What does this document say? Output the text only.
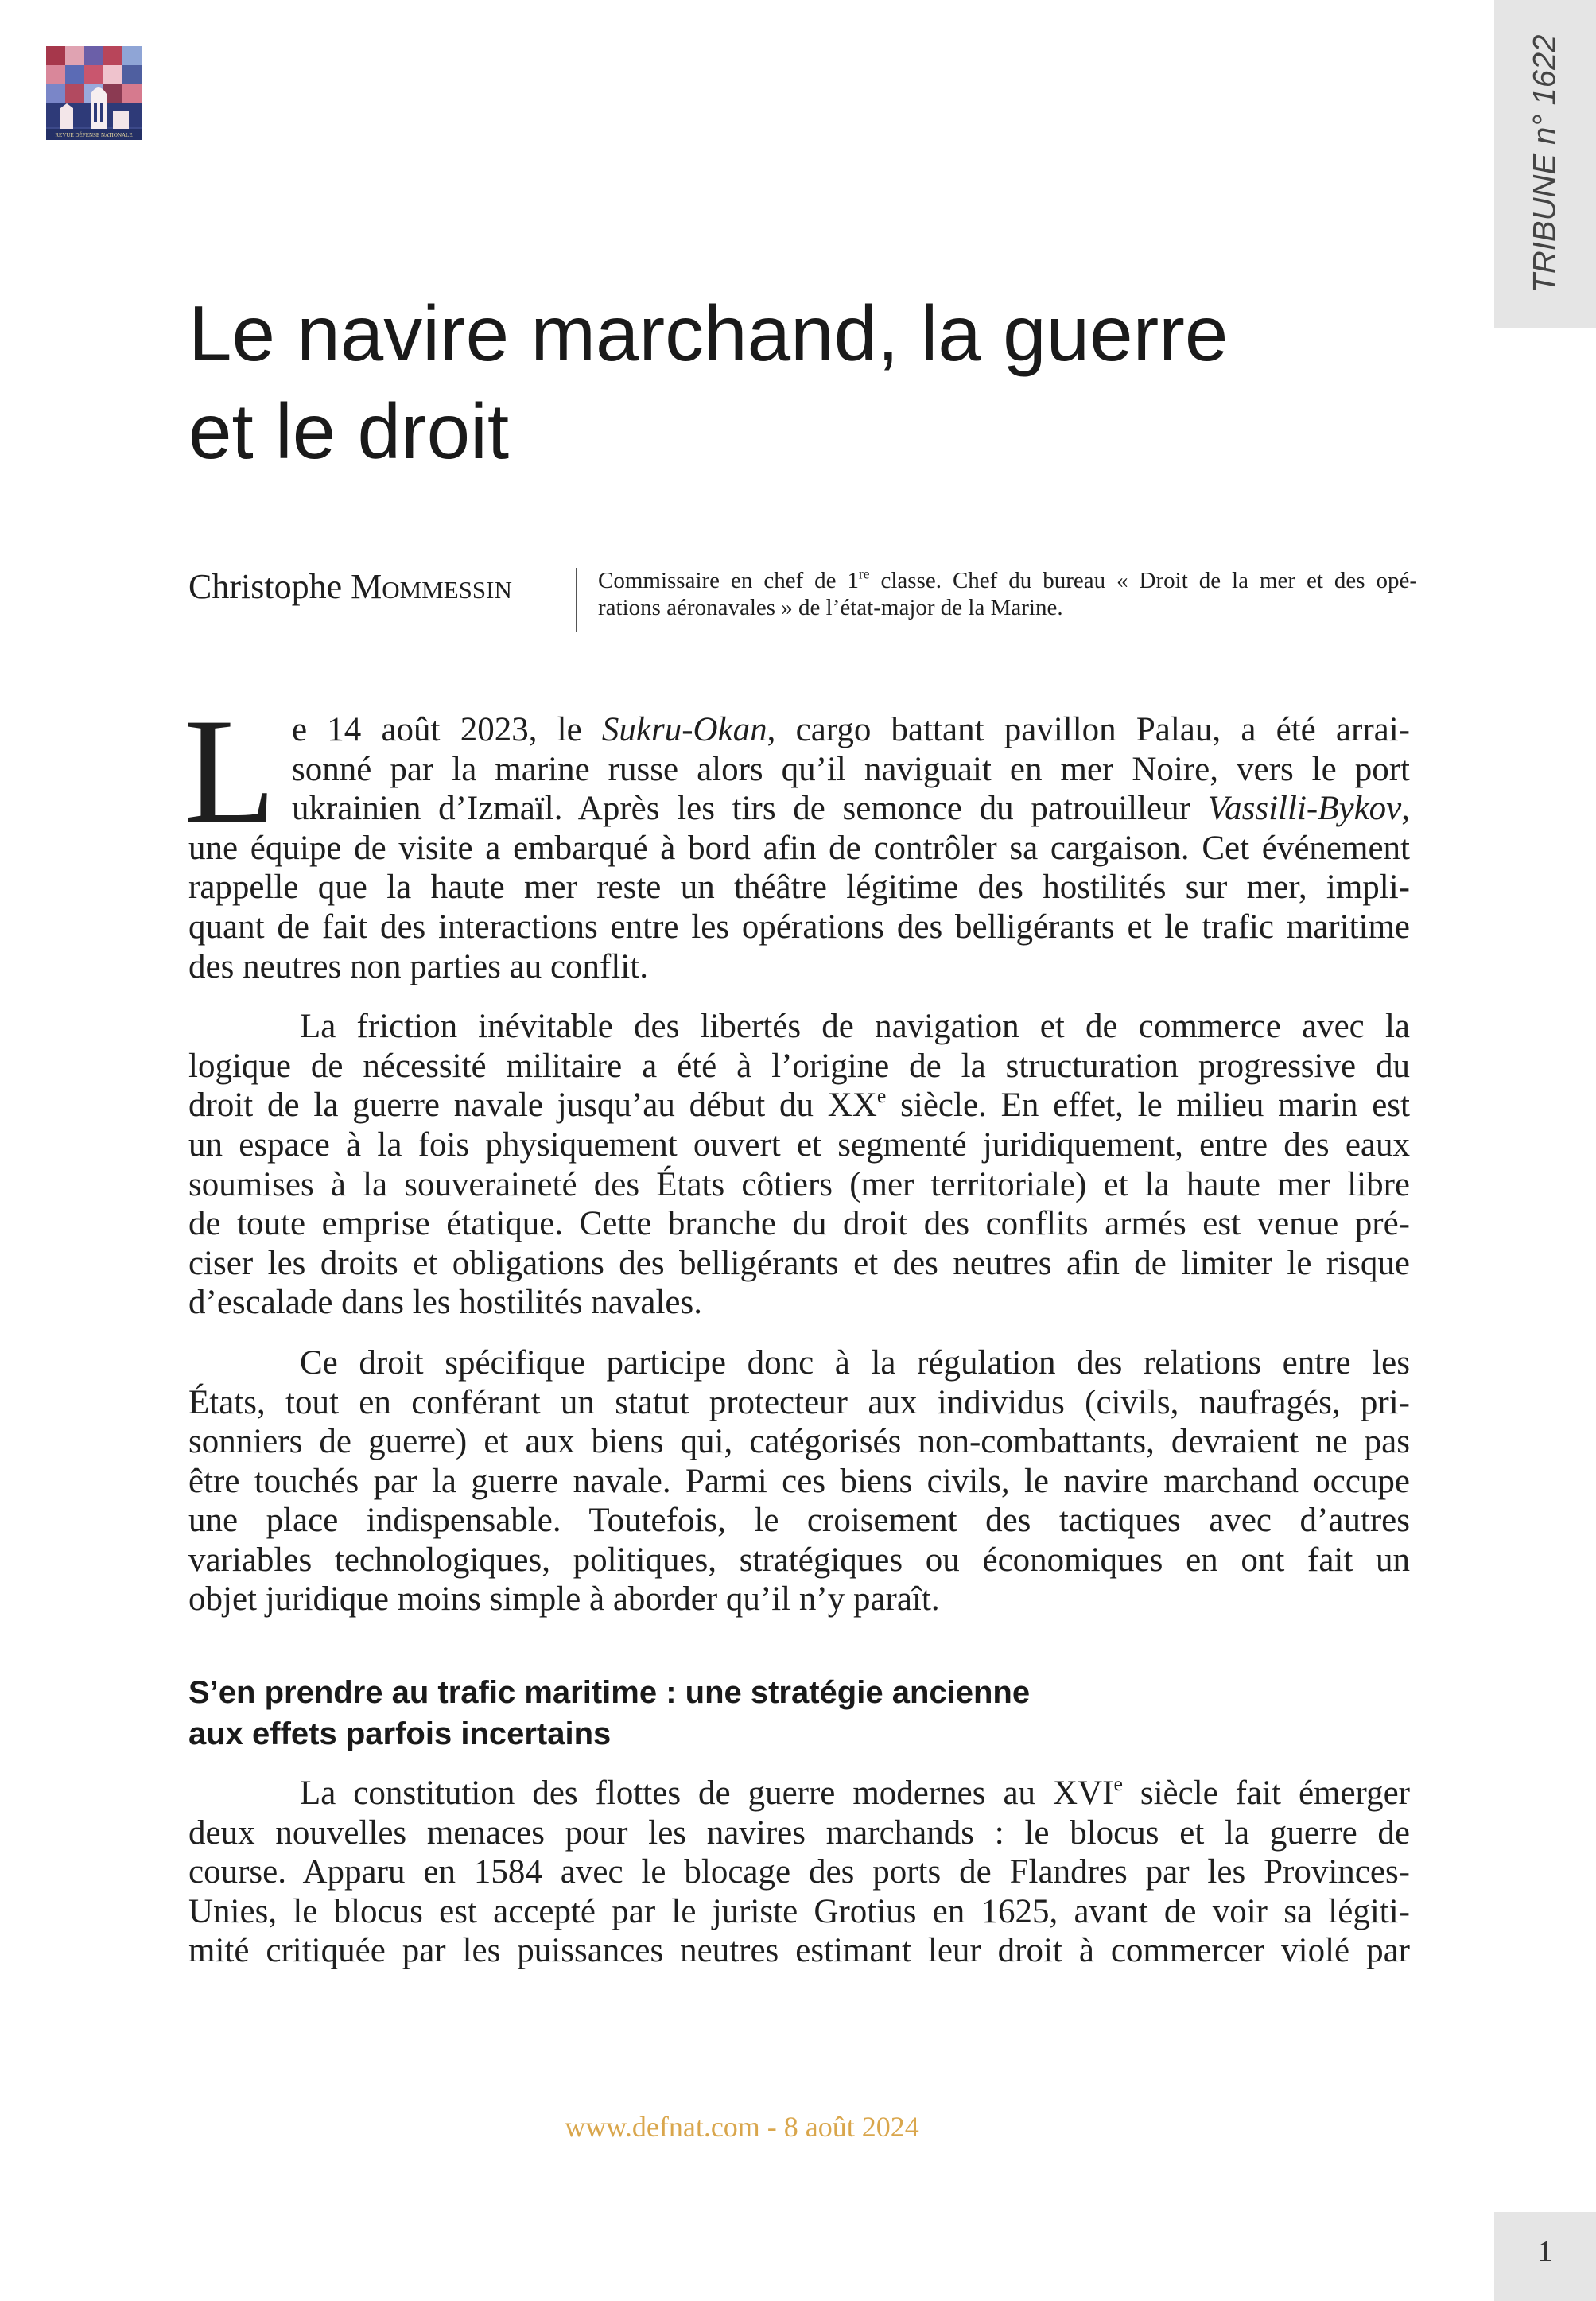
REVUE DÉFENSE NATIONALE	TRIBUNE n° 1622
Le navire marchand, la guerre
et le droit
Christophe Mommessin	Commissaire en chef de 1re classe. Chef du bureau « Droit de la mer et des opé-
rations aéronavales » de l’état-major de la Marine.
L e 14 août 2023, le Sukru-Okan, cargo battant pavillon Palau, a été arrai-
sonné par la marine russe alors qu’il naviguait en mer Noire, vers le port
ukrainien d’Izmaïl. Après les tirs de semonce du patrouilleur Vassilli-Bykov,
une équipe de visite a embarqué à bord afin de contrôler sa cargaison. Cet événement
rappelle que la haute mer reste un théâtre légitime des hostilités sur mer, impli-
quant de fait des interactions entre les opérations des belligérants et le trafic maritime
des neutres non parties au conflit.
La friction inévitable des libertés de navigation et de commerce avec la
logique de nécessité militaire a été à l’origine de la structuration progressive du
droit de la guerre navale jusqu’au début du XXe siècle. En effet, le milieu marin est
un espace à la fois physiquement ouvert et segmenté juridiquement, entre des eaux
soumises à la souveraineté des États côtiers (mer territoriale) et la haute mer libre
de toute emprise étatique. Cette branche du droit des conflits armés est venue pré-
ciser les droits et obligations des belligérants et des neutres afin de limiter le risque
d’escalade dans les hostilités navales.
Ce droit spécifique participe donc à la régulation des relations entre les
États, tout en conférant un statut protecteur aux individus (civils, naufragés, pri-
sonniers de guerre) et aux biens qui, catégorisés non-combattants, devraient ne pas
être touchés par la guerre navale. Parmi ces biens civils, le navire marchand occupe
une place indispensable. Toutefois, le croisement des tactiques avec d’autres
variables technologiques, politiques, stratégiques ou économiques en ont fait un
objet juridique moins simple à aborder qu’il n’y paraît.
S’en prendre au trafic maritime : une stratégie ancienne
aux effets parfois incertains
La constitution des flottes de guerre modernes au XVIe siècle fait émerger
deux nouvelles menaces pour les navires marchands : le blocus et la guerre de
course. Apparu en 1584 avec le blocage des ports de Flandres par les Provinces-
Unies, le blocus est accepté par le juriste Grotius en 1625, avant de voir sa légiti-
mité critiquée par les puissances neutres estimant leur droit à commercer violé par
www.defnat.com - 8 août 2024
1
